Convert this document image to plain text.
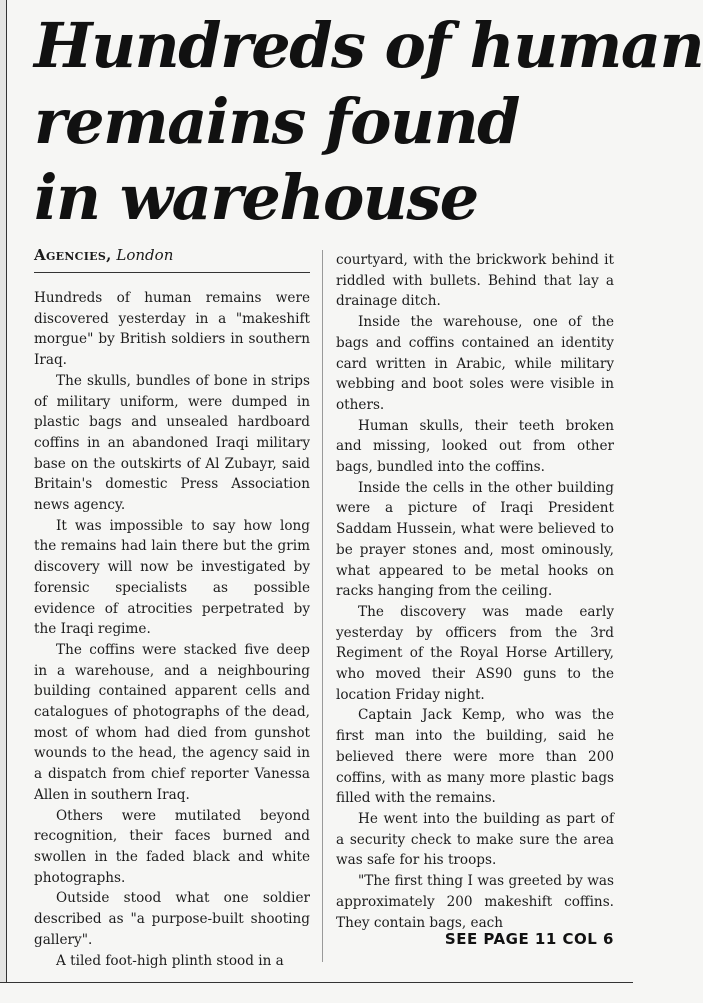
Hundreds of human
remains found
in warehouse
Agencies, London

Hundreds of human remains were discovered yesterday in a "makeshift morgue" by British soldiers in southern Iraq.

The skulls, bundles of bone in strips of military uniform, were dumped in plastic bags and unsealed hardboard coffins in an abandoned Iraqi military base on the outskirts of Al Zubayr, said Britain's domestic Press Association news agency.

It was impossible to say how long the remains had lain there but the grim discovery will now be investigated by forensic specialists as possible evidence of atrocities perpetrated by the Iraqi regime.

The coffins were stacked five deep in a warehouse, and a neighbouring building contained apparent cells and catalogues of photographs of the dead, most of whom had died from gunshot wounds to the head, the agency said in a dispatch from chief reporter Vanessa Allen in southern Iraq.

Others were mutilated beyond recognition, their faces burned and swollen in the faded black and white photographs.

Outside stood what one soldier described as "a purpose-built shooting gallery".

A tiled foot-high plinth stood in a

courtyard, with the brickwork behind it riddled with bullets. Behind that lay a drainage ditch.

Inside the warehouse, one of the bags and coffins contained an identity card written in Arabic, while military webbing and boot soles were visible in others.

Human skulls, their teeth broken and missing, looked out from other bags, bundled into the coffins.

Inside the cells in the other building were a picture of Iraqi President Saddam Hussein, what were believed to be prayer stones and, most ominously, what appeared to be metal hooks on racks hanging from the ceiling.

The discovery was made early yesterday by officers from the 3rd Regiment of the Royal Horse Artillery, who moved their AS90 guns to the location Friday night.

Captain Jack Kemp, who was the first man into the building, said he believed there were more than 200 coffins, with as many more plastic bags filled with the remains.

He went into the building as part of a security check to make sure the area was safe for his troops.

"The first thing I was greeted by was approximately 200 makeshift coffins. They contain bags, each

SEE PAGE 11 COL 6
